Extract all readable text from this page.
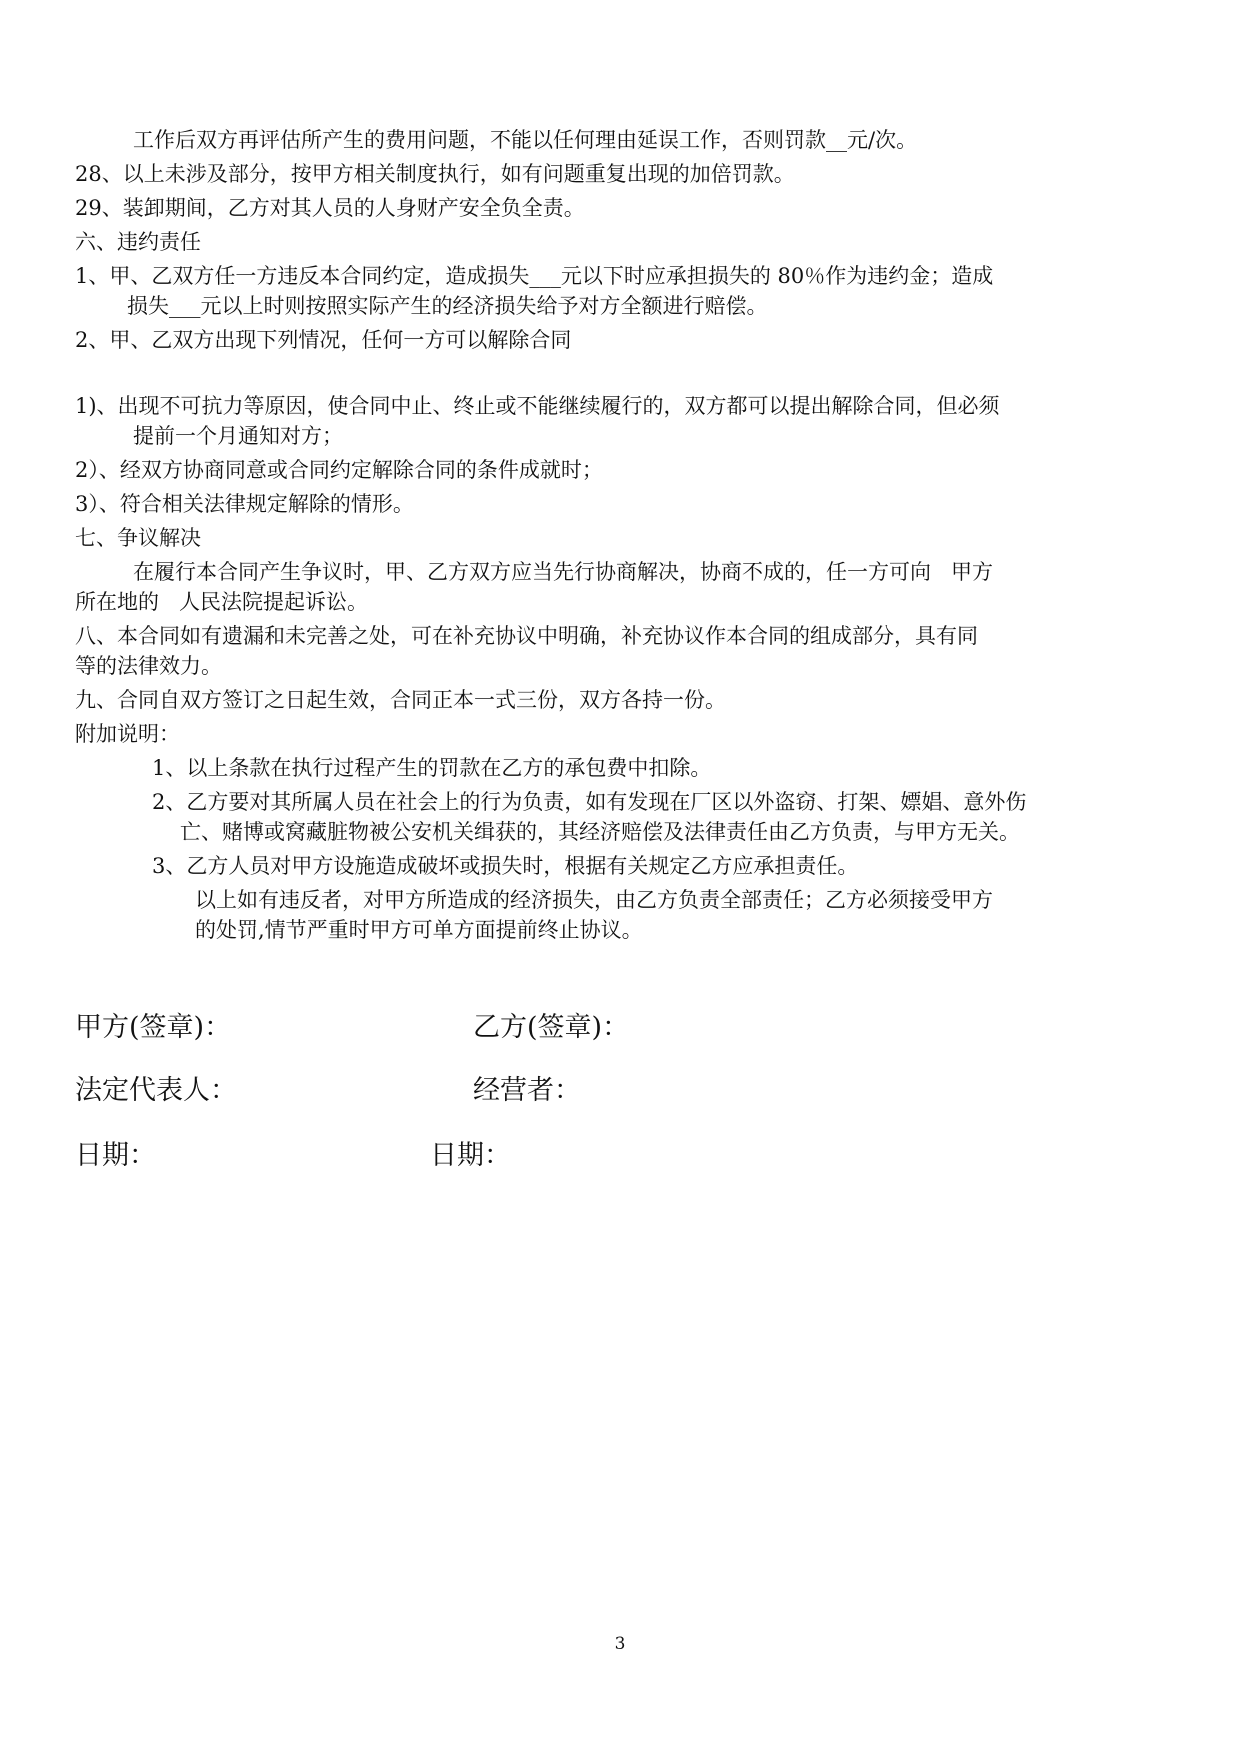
工作后双方再评估所产生的费用问题，不能以任何理由延误工作，否则罚款__元/次。
28、以上未涉及部分，按甲方相关制度执行，如有问题重复出现的加倍罚款。
29、装卸期间，乙方对其人员的人身财产安全负全责。
六、违约责任
1、甲、乙双方任一方违反本合同约定，造成损失___元以下时应承担损失的 80％作为违约金；造成
损失___元以上时则按照实际产生的经济损失给予对方全额进行赔偿。
2、甲、乙双方出现下列情况，任何一方可以解除合同
1)、出现不可抗力等原因，使合同中止、终止或不能继续履行的，双方都可以提出解除合同，但必须
提前一个月通知对方；
2）、经双方协商同意或合同约定解除合同的条件成就时；
3）、符合相关法律规定解除的情形。
七、争议解决
在履行本合同产生争议时，甲、乙方双方应当先行协商解决，协商不成的，任一方可向   甲方
所在地的   人民法院提起诉讼。
八、本合同如有遗漏和未完善之处，可在补充协议中明确，补充协议作本合同的组成部分，具有同
等的法律效力。
九、合同自双方签订之日起生效，合同正本一式三份，双方各持一份。
附加说明：
1、以上条款在执行过程产生的罚款在乙方的承包费中扣除。
2、乙方要对其所属人员在社会上的行为负责，如有发现在厂区以外盗窃、打架、嫖娼、意外伤
亡、赌博或窝藏脏物被公安机关缉获的，其经济赔偿及法律责任由乙方负责，与甲方无关。
3、乙方人员对甲方设施造成破坏或损失时，根据有关规定乙方应承担责任。
以上如有违反者，对甲方所造成的经济损失，由乙方负责全部责任；乙方必须接受甲方
的处罚,情节严重时甲方可单方面提前终止协议。
甲方(签章)：	乙方(签章)：
法定代表人：	经营者：
日期：	日期：
3
